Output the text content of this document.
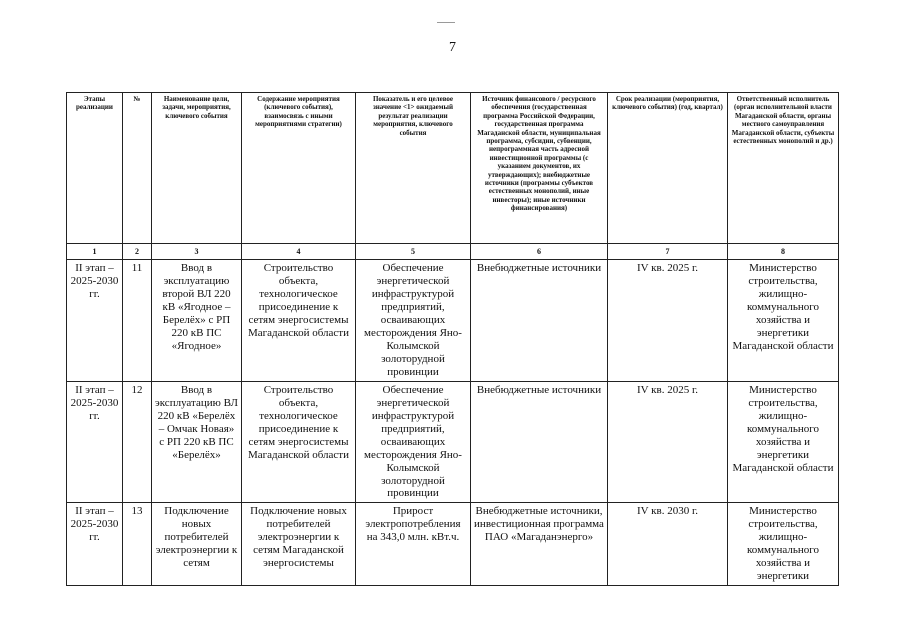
7
Этапы реализации	№	Наименование цели, задачи, мероприятия, ключевого события	Содержание мероприятия (ключевого события), взаимосвязь с иными мероприятиями стратегии)	Показатель и его целевое значение <1> ожидаемый результат реализации мероприятия, ключевого события	Источник финансового / ресурсного обеспечения (государственная программа Российской Федерации, государственная программа Магаданской области, муниципальная программа, субсидии, субвенции, непрограммная часть адресной инвестиционной программы (с указанием документов, их утверждающих); внебюджетные источники (программы субъектов естественных монополий, иные инвесторы); иные источники финансирования)	Срок реализации (мероприятия, ключевого события) (год, квартал)	Ответственный исполнитель (орган исполнительной власти Магаданской области, органы местного самоуправления Магаданской области, субъекты естественных монополий и др.)
1	2	3	4	5	6	7	8
II этап – 2025-2030 гг.	11	Ввод в эксплуатацию второй ВЛ 220 кВ «Ягодное – Берелёх» с РП 220 кВ ПС «Ягодное»	Строительство объекта, технологическое присоединение к сетям энергосистемы Магаданской области	Обеспечение энергетической инфраструктурой предприятий, осваивающих месторождения Яно-Колымской золоторудной провинции	Внебюджетные источники	IV кв. 2025 г.	Министерство строительства, жилищно-коммунального хозяйства и энергетики Магаданской области
II этап – 2025-2030 гг.	12	Ввод в эксплуатацию ВЛ 220 кВ «Берелёх – Омчак Новая» с РП 220 кВ ПС «Берелёх»	Строительство объекта, технологическое присоединение к сетям энергосистемы Магаданской области	Обеспечение энергетической инфраструктурой предприятий, осваивающих месторождения Яно-Колымской золоторудной провинции	Внебюджетные источники	IV кв. 2025 г.	Министерство строительства, жилищно-коммунального хозяйства и энергетики Магаданской области
II этап – 2025-2030 гг.	13	Подключение новых потребителей электроэнергии к сетям	Подключение новых потребителей электроэнергии к сетям Магаданской энергосистемы	Прирост электропотребления на 343,0 млн. кВт.ч.	Внебюджетные источники, инвестиционная программа ПАО «Магаданэнерго»	IV кв. 2030 г.	Министерство строительства, жилищно-коммунального хозяйства и энергетики
